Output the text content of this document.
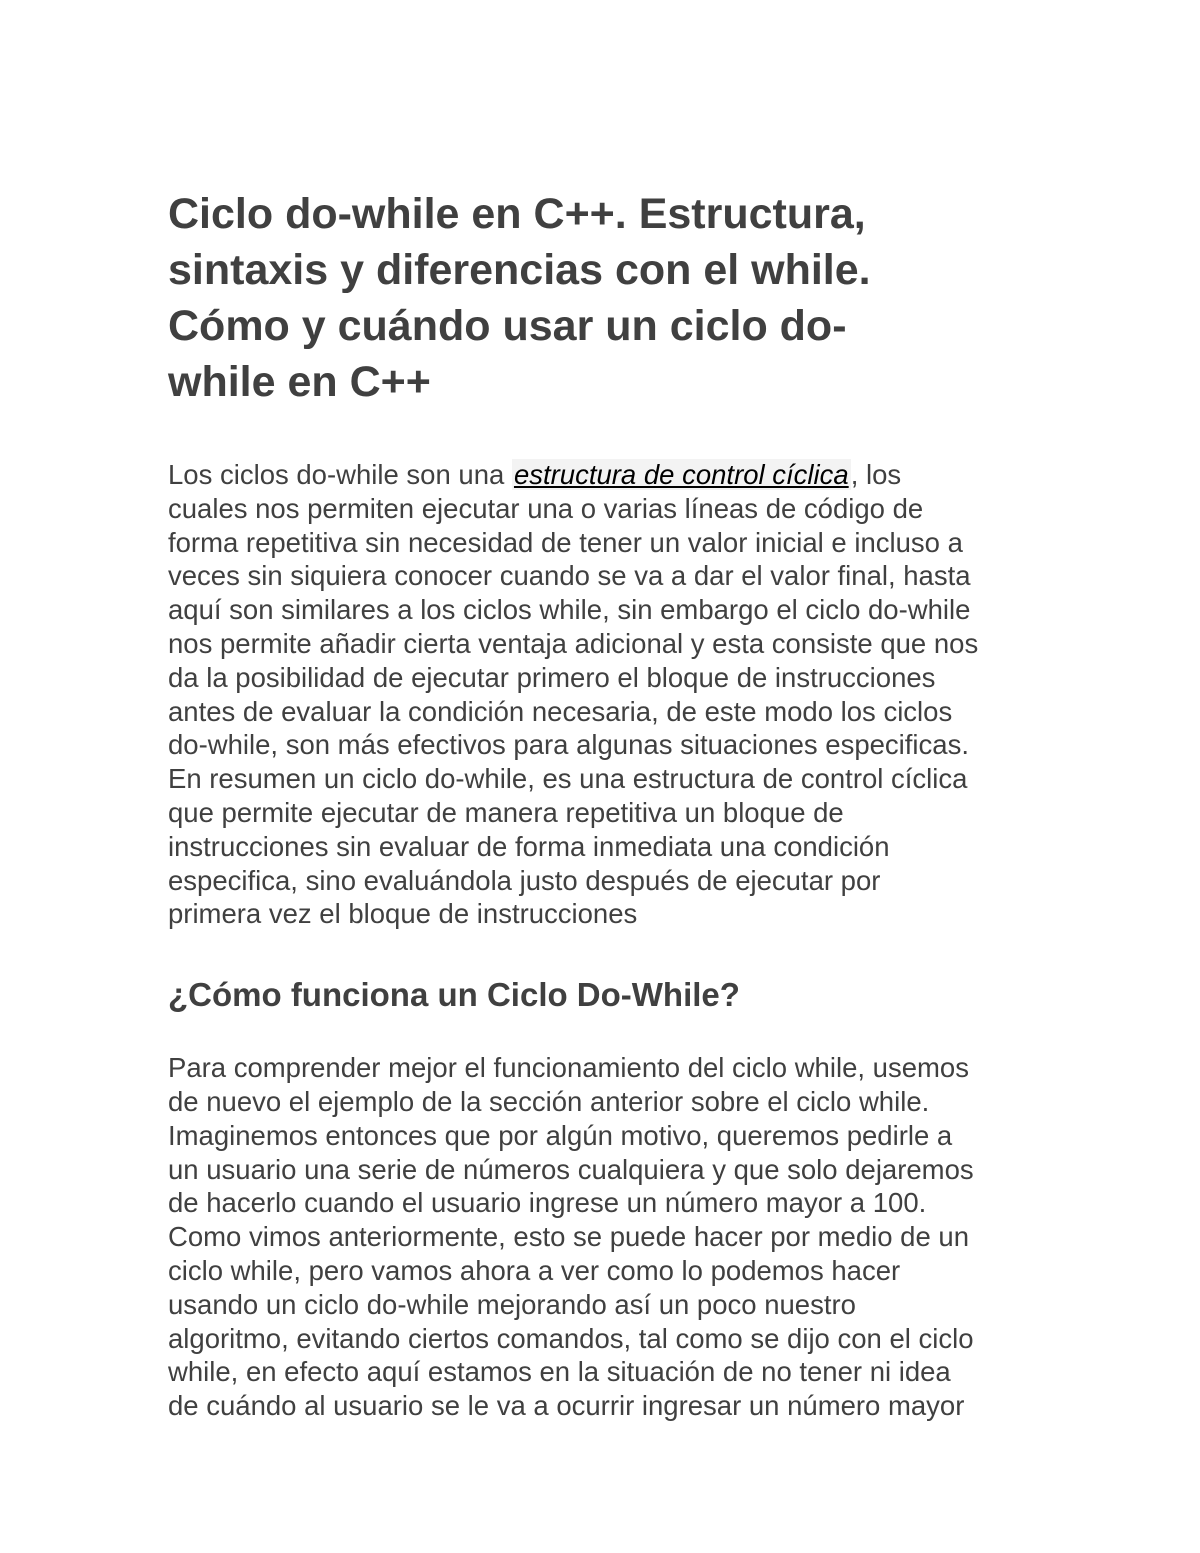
Ciclo do-while en C++. Estructura,
sintaxis y diferencias con el while.
Cómo y cuándo usar un ciclo do-
while en C++

Los ciclos do-while son una estructura de control cíclica, los
cuales nos permiten ejecutar una o varias líneas de código de
forma repetitiva sin necesidad de tener un valor inicial e incluso a
veces sin siquiera conocer cuando se va a dar el valor final, hasta
aquí son similares a los ciclos while, sin embargo el ciclo do-while
nos permite añadir cierta ventaja adicional y esta consiste que nos
da la posibilidad de ejecutar primero el bloque de instrucciones
antes de evaluar la condición necesaria, de este modo los ciclos
do-while, son más efectivos para algunas situaciones especificas.
En resumen un ciclo do-while, es una estructura de control cíclica
que permite ejecutar de manera repetitiva un bloque de
instrucciones sin evaluar de forma inmediata una condición
especifica, sino evaluándola justo después de ejecutar por
primera vez el bloque de instrucciones

¿Cómo funciona un Ciclo Do-While?

Para comprender mejor el funcionamiento del ciclo while, usemos
de nuevo el ejemplo de la sección anterior sobre el ciclo while.
Imaginemos entonces que por algún motivo, queremos pedirle a
un usuario una serie de números cualquiera y que solo dejaremos
de hacerlo cuando el usuario ingrese un número mayor a 100.
Como vimos anteriormente, esto se puede hacer por medio de un
ciclo while, pero vamos ahora a ver como lo podemos hacer
usando un ciclo do-while mejorando así un poco nuestro
algoritmo, evitando ciertos comandos, tal como se dijo con el ciclo
while, en efecto aquí estamos en la situación de no tener ni idea
de cuándo al usuario se le va a ocurrir ingresar un número mayor
